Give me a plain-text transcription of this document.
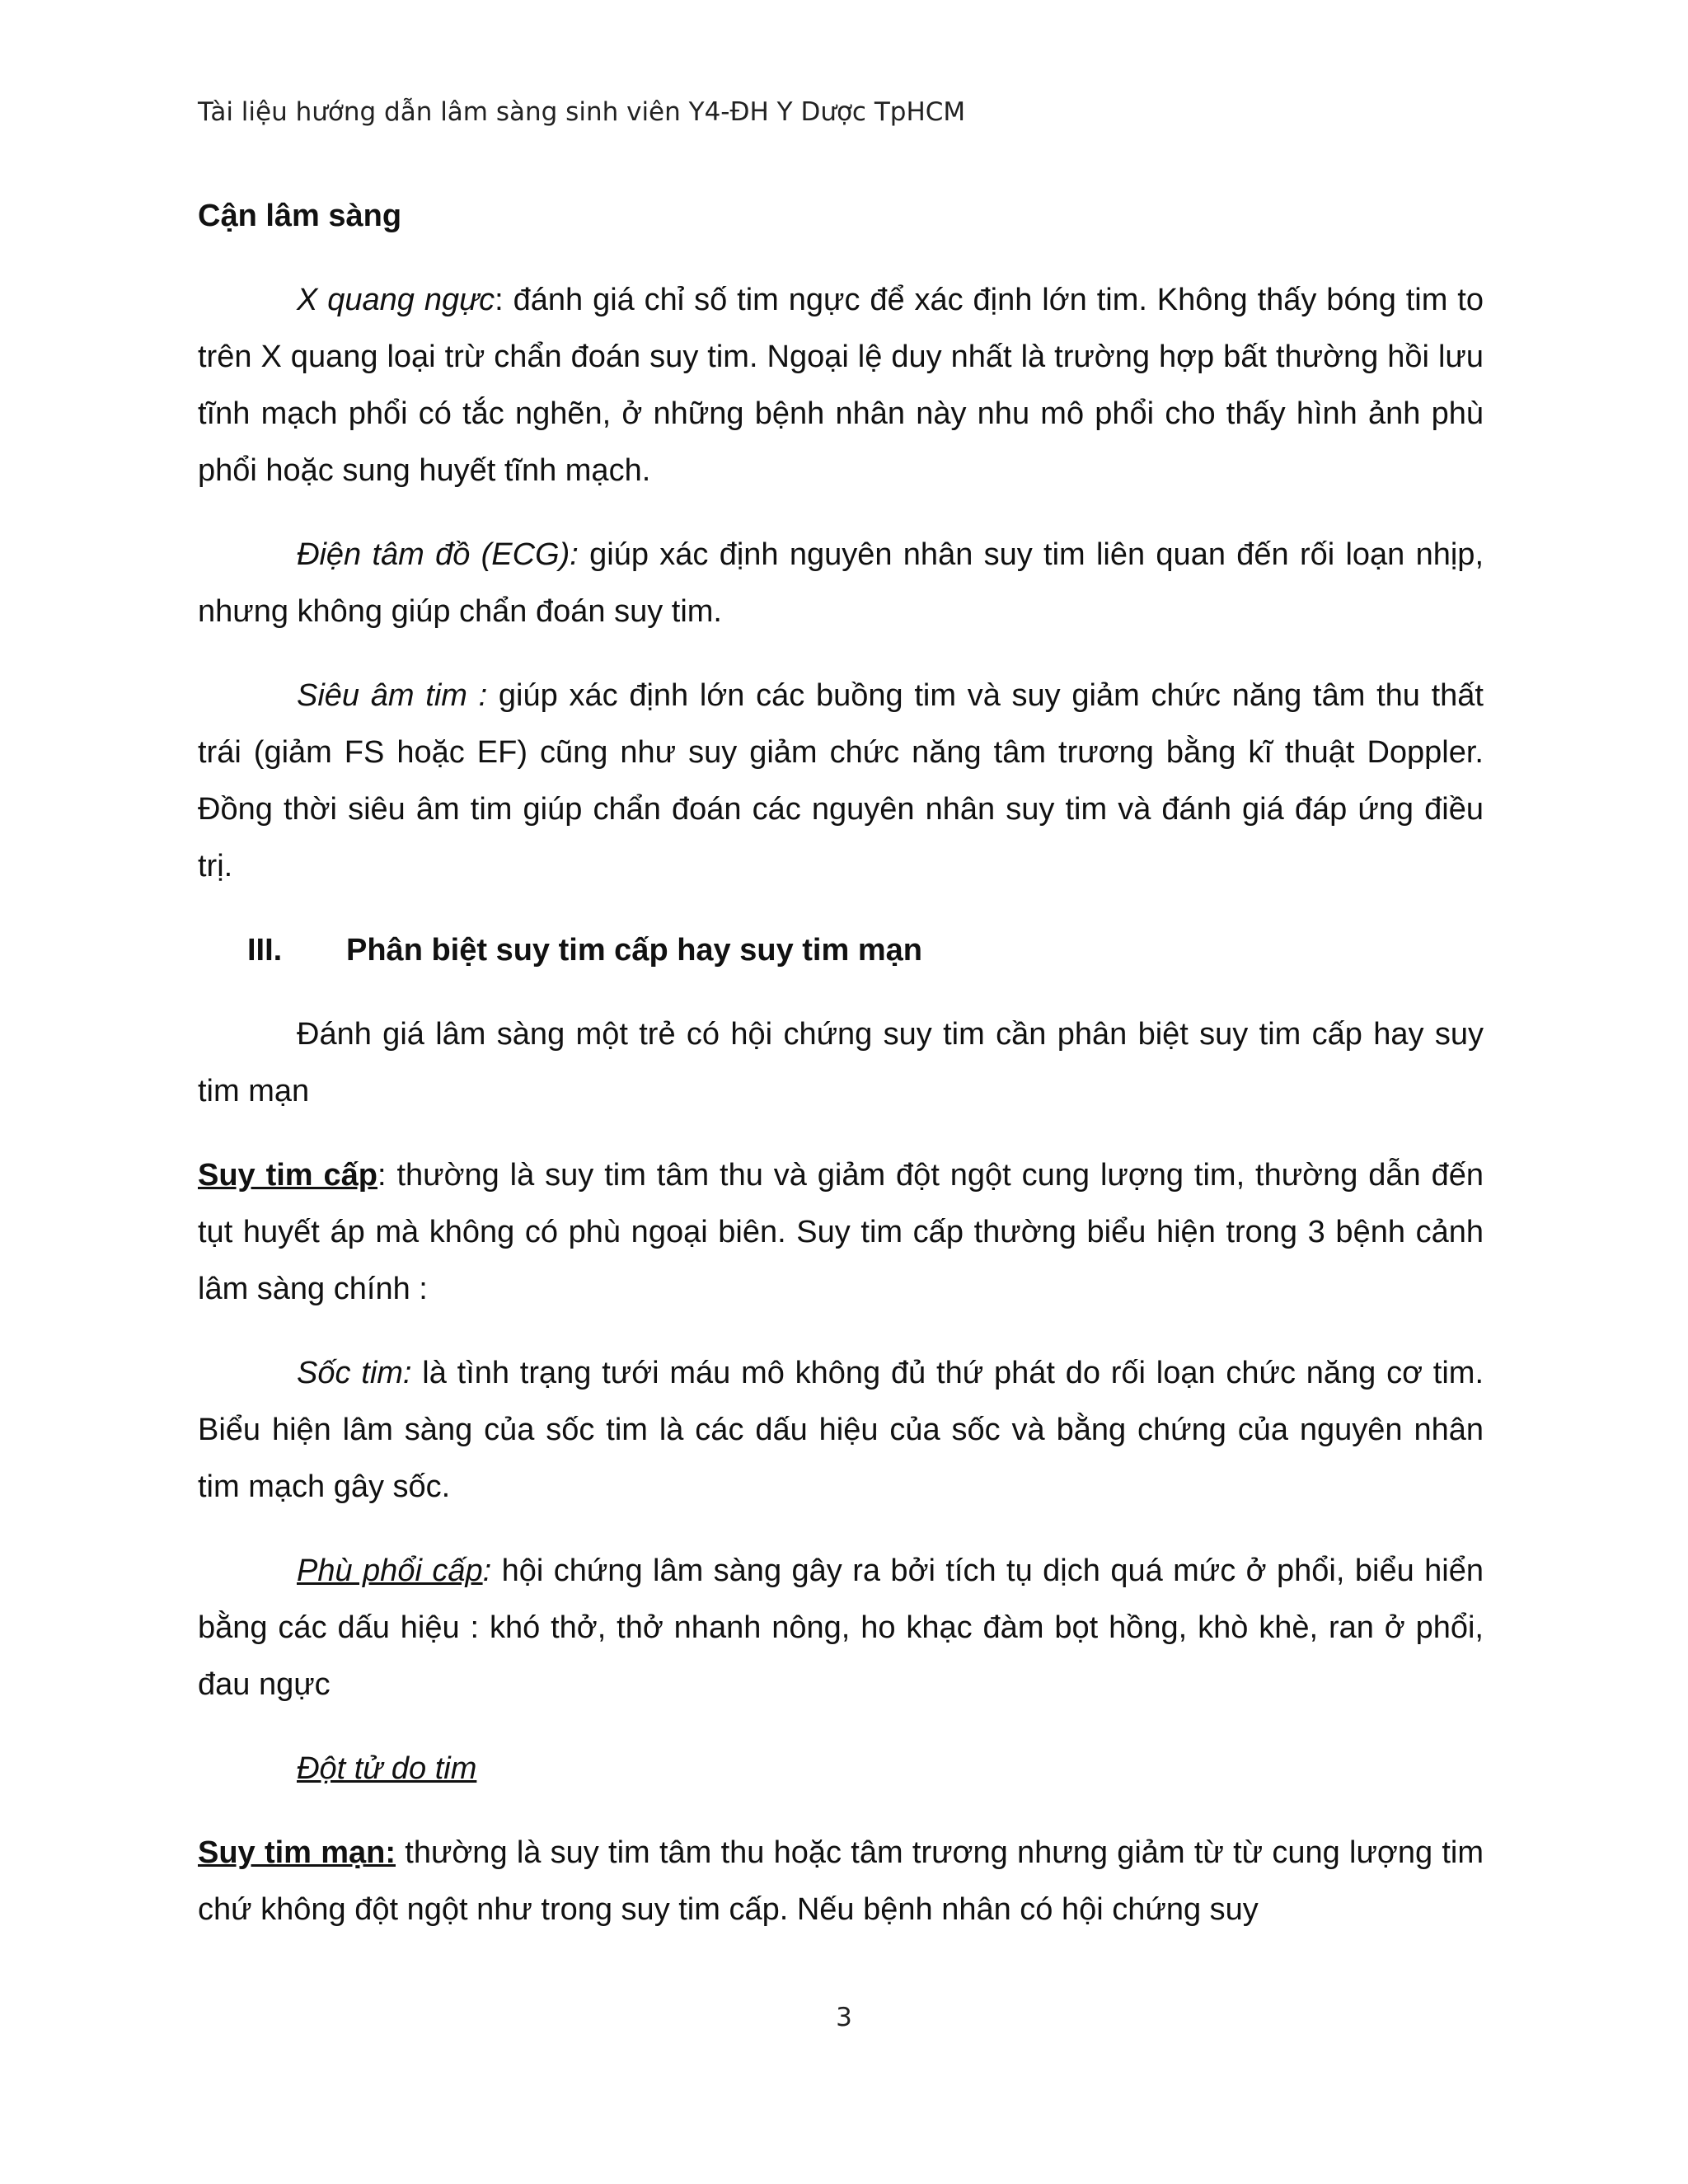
Tài liệu hướng dẫn lâm sàng sinh viên Y4-ĐH Y Dược TpHCM
Cận lâm sàng

X quang ngực: đánh giá chỉ số tim ngực để xác định lớn tim. Không thấy bóng tim to trên X quang loại trừ chẩn đoán suy tim. Ngoại lệ duy nhất là trường hợp bất thường hồi lưu tĩnh mạch phổi có tắc nghẽn, ở những bệnh nhân này nhu mô phổi cho thấy hình ảnh phù phổi hoặc sung huyết tĩnh mạch.

Điện tâm đồ (ECG): giúp xác định nguyên nhân suy tim liên quan đến rối loạn nhịp, nhưng không giúp chẩn đoán suy tim.

Siêu âm tim : giúp xác định lớn các buồng tim và suy giảm chức năng tâm thu thất trái (giảm FS hoặc EF) cũng như suy giảm chức năng tâm trương bằng kĩ thuật Doppler. Đồng thời siêu âm tim giúp chẩn đoán các nguyên nhân suy tim và đánh giá đáp ứng điều trị.

III. Phân biệt suy tim cấp hay suy tim mạn

Đánh giá lâm sàng một trẻ có hội chứng suy tim cần phân biệt suy tim cấp hay suy tim mạn

Suy tim cấp: thường là suy tim tâm thu và giảm đột ngột cung lượng tim, thường dẫn đến tụt huyết áp mà không có phù ngoại biên. Suy tim cấp thường biểu hiện trong 3 bệnh cảnh lâm sàng chính :

Sốc tim: là tình trạng tưới máu mô không đủ thứ phát do rối loạn chức năng cơ tim. Biểu hiện lâm sàng của sốc tim là các dấu hiệu của sốc và bằng chứng của nguyên nhân tim mạch gây sốc.

Phù phổi cấp: hội chứng lâm sàng gây ra bởi tích tụ dịch quá mức ở phổi, biểu hiển bằng các dấu hiệu : khó thở, thở nhanh nông, ho khạc đàm bọt hồng, khò khè, ran ở phổi, đau ngực

Đột tử do tim

Suy tim mạn: thường là suy tim tâm thu hoặc tâm trương nhưng giảm từ từ cung lượng tim chứ không đột ngột như trong suy tim cấp. Nếu bệnh nhân có hội chứng suy

3
